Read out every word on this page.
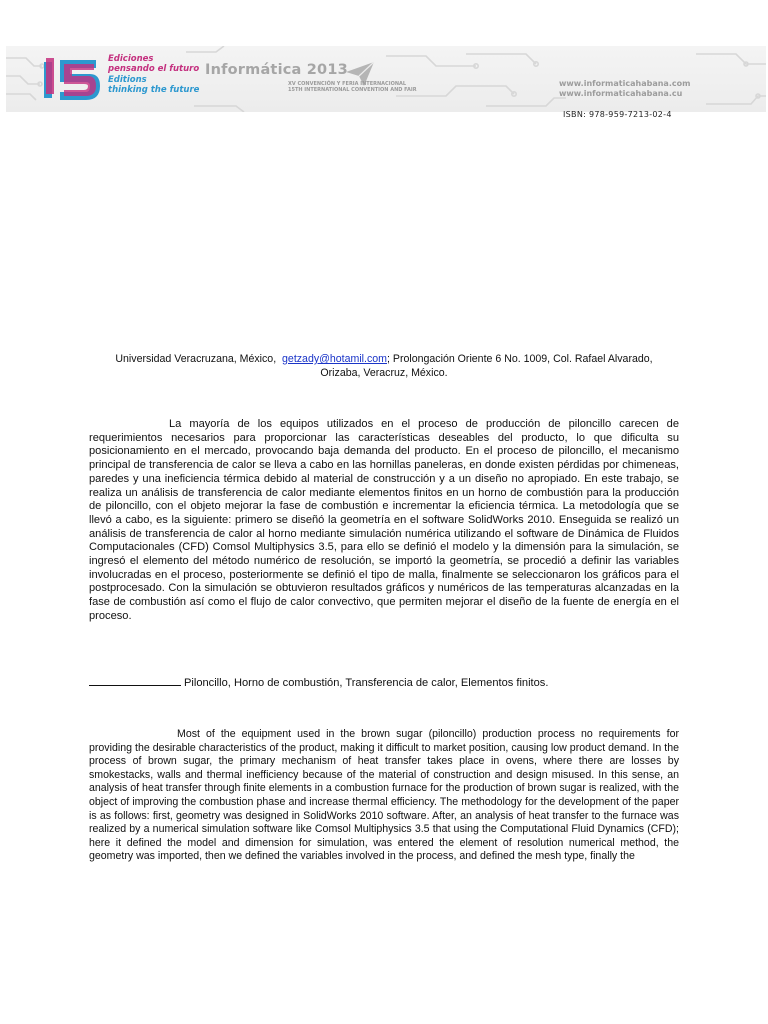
15
Ediciones
pensando el futuro
Editions
thinking the future
Informática 2013
XV CONVENCIÓN Y FERIA INTERNACIONAL
15TH INTERNATIONAL CONVENTION AND FAIR
www.informaticahabana.com
www.informaticahabana.cu
ISBN: 978-959-7213-02-4
Universidad Veracruzana, México, getzady@hotamil.com; Prolongación Oriente 6 No. 1009, Col. Rafael Alvarado,
Orizaba, Veracruz, México.
La mayoría de los equipos utilizados en el proceso de producción de piloncillo carecen de requerimientos necesarios para proporcionar las características deseables del producto, lo que dificulta su posicionamiento en el mercado, provocando baja demanda del producto. En el proceso de piloncillo, el mecanismo principal de transferencia de calor se lleva a cabo en las hornillas paneleras, en donde existen pérdidas por chimeneas, paredes y una ineficiencia térmica debido al material de construcción y a un diseño no apropiado. En este trabajo, se realiza un análisis de transferencia de calor mediante elementos finitos en un horno de combustión para la producción de piloncillo, con el objeto mejorar la fase de combustión e incrementar la eficiencia térmica. La metodología que se llevó a cabo, es la siguiente: primero se diseñó la geometría en el software SolidWorks 2010. Enseguida se realizó un análisis de transferencia de calor al horno mediante simulación numérica utilizando el software de Dinámica de Fluidos Computacionales (CFD) Comsol Multiphysics 3.5, para ello se definió el modelo y la dimensión para la simulación, se ingresó el elemento del método numérico de resolución, se importó la geometría, se procedió a definir las variables involucradas en el proceso, posteriormente se definió el tipo de malla, finalmente se seleccionaron los gráficos para el postprocesado. Con la simulación se obtuvieron resultados gráficos y numéricos de las temperaturas alcanzadas en la fase de combustión así como el flujo de calor convectivo, que permiten mejorar el diseño de la fuente de energía en el proceso.
Piloncillo, Horno de combustión, Transferencia de calor, Elementos finitos.
Most of the equipment used in the brown sugar (piloncillo) production process no requirements for providing the desirable characteristics of the product, making it difficult to market position, causing low product demand. In the process of brown sugar, the primary mechanism of heat transfer takes place in ovens, where there are losses by smokestacks, walls and thermal inefficiency because of the material of construction and design misused. In this sense, an analysis of heat transfer through finite elements in a combustion furnace for the production of brown sugar is realized, with the object of improving the combustion phase and increase thermal efficiency. The methodology for the development of the paper is as follows: first, geometry was designed in SolidWorks 2010 software. After, an analysis of heat transfer to the furnace was realized by a numerical simulation software like Comsol Multiphysics 3.5 that using the Computational Fluid Dynamics (CFD); here it defined the model and dimension for simulation, was entered the element of resolution numerical method, the geometry was imported, then we defined the variables involved in the process, and defined the mesh type, finally the
